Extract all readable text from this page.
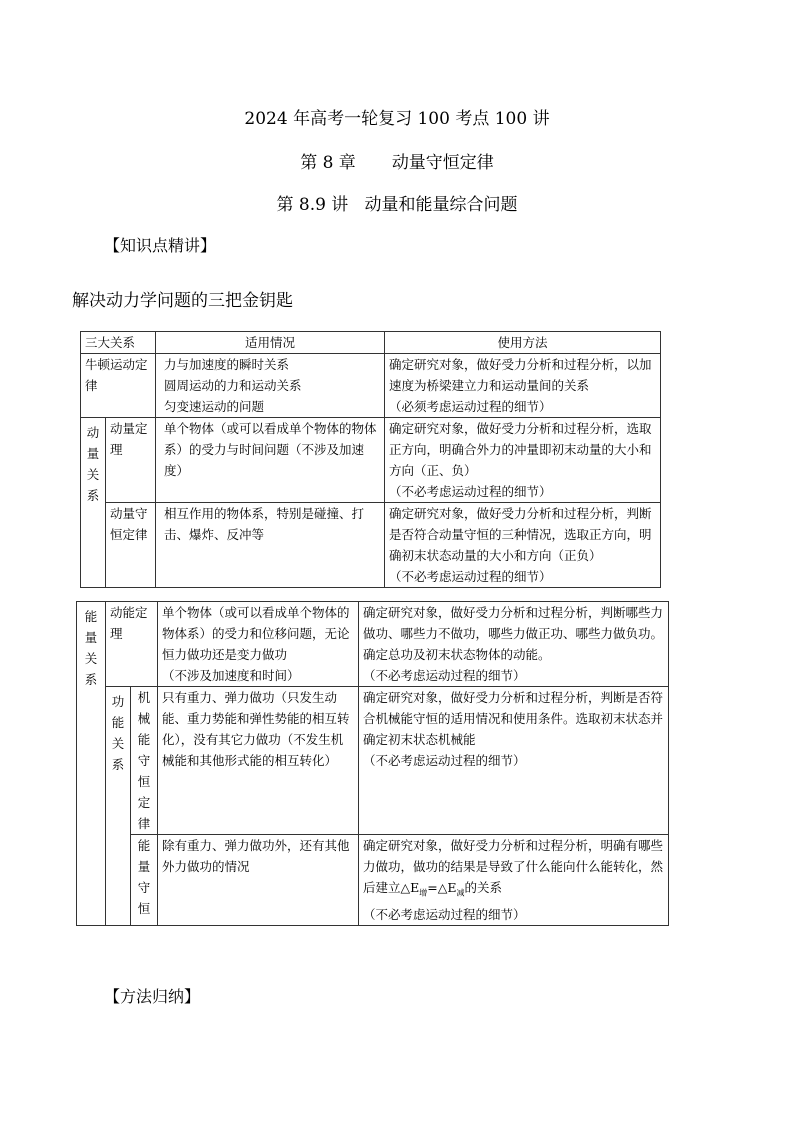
2024 年高考一轮复习 100 考点 100 讲
第 8 章 动量守恒定律
第 8.9 讲 动量和能量综合问题
【知识点精讲】
解决动力学问题的三把金钥匙
三大关系		适用情况	使用方法
牛顿运动定律		力与加速度的瞬时关系
圆周运动的力和运动关系
匀变速运动的问题	确定研究对象，做好受力分析和过程分析，以加速度为桥梁建立力和运动量间的关系
（必须考虑运动过程的细节）

动量关系	动量定理	单个物体（或可以看成单个物体的物体系）的受力与时间问题（不涉及加速度）	确定研究对象，做好受力分析和过程分析，选取正方向，明确合外力的冲量即初末动量的大小和方向（正、负）
（不必考虑运动过程的细节）

	动量守恒定律	相互作用的物体系，特别是碰撞、打击、爆炸、反冲等	确定研究对象，做好受力分析和过程分析，判断是否符合动量守恒的三种情况，选取正方向，明确初末状态动量的大小和方向（正负）
（不必考虑运动过程的细节）
能量关系	动能定理		单个物体（或可以看成单个物体的物体系）的受力和位移问题，无论恒力做功还是变力做功
（不涉及加速度和时间）	确定研究对象，做好受力分析和过程分析，判断哪些力做功、哪些力不做功，哪些力做正功、哪些力做负功。确定总功及初末状态物体的动能。
（不必考虑运动过程的细节）

	功能关系	机械能守恒定律	只有重力、弹力做功（只发生动能、重力势能和弹性势能的相互转化），没有其它力做功（不发生机械能和其他形式能的相互转化）	确定研究对象，做好受力分析和过程分析，判断是否符合机械能守恒的适用情况和使用条件。选取初末状态并确定初末状态机械能
（不必考虑运动过程的细节）

		能量守恒	除有重力、弹力做功外，还有其他外力做功的情况	确定研究对象，做好受力分析和过程分析，明确有哪些力做功，做功的结果是导致了什么能向什么能转化，然后建立$\triangle E_增=\triangle E_减$的关系
（不必考虑运动过程的细节）
【方法归纳】
